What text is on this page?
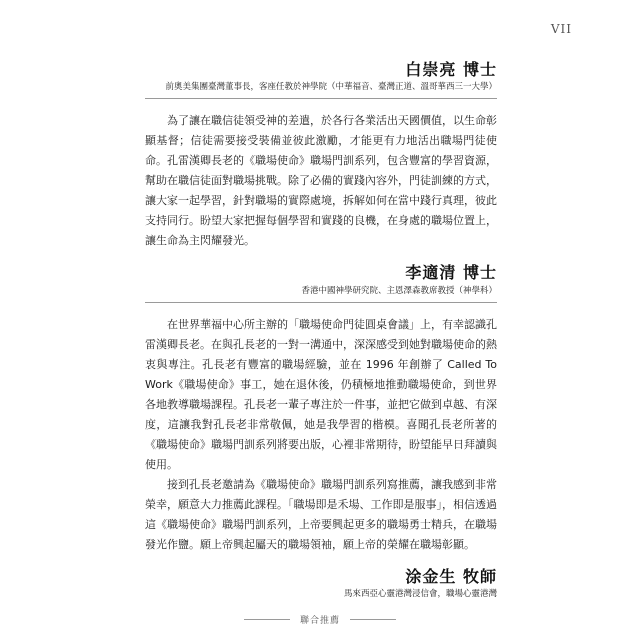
VII
白崇亮 博士
前奧美集團臺灣董事長，客座任教於神學院（中華福音、臺灣正道、溫哥華西三一大學）

為了讓在職信徒領受神的差遣，於各行各業活出天國價值，以生命彰顯基督；信徒需要接受裝備並彼此激勵，才能更有力地活出職場門徒使命。孔雷漢卿長老的《職場使命》職場門訓系列，包含豐富的學習資源，幫助在職信徒面對職場挑戰。除了必備的實踐內容外，門徒訓練的方式，讓大家一起學習，針對職場的實際處境，拆解如何在當中踐行真理，彼此支持同行。盼望大家把握每個學習和實踐的良機，在身處的職場位置上，讓生命為主閃耀發光。

李適清 博士
香港中國神學研究院、主恩澤森教席教授（神學科）

在世界華福中心所主辦的「職場使命門徒圓桌會議」上，有幸認識孔雷漢卿長老。在與孔長老的一對一溝通中，深深感受到她對職場使命的熱衷與專注。孔長老有豐富的職場經驗，並在 1996 年創辦了 Called To Work《職場使命》事工，她在退休後，仍積極地推動職場使命，到世界各地教導職場課程。孔長老一輩子專注於一件事，並把它做到卓越、有深度，這讓我對孔長老非常敬佩，她是我學習的楷模。喜聞孔長老所著的《職場使命》職場門訓系列將要出版，心裡非常期待，盼望能早日拜讀與使用。

接到孔長老邀請為《職場使命》職場門訓系列寫推薦，讓我感到非常榮幸，願意大力推薦此課程。「職場即是禾場、工作即是服事」，相信透過這《職場使命》職場門訓系列，上帝要興起更多的職場勇士精兵，在職場發光作鹽。願上帝興起屬天的職場領袖，願上帝的榮耀在職場彰顯。

涂金生 牧師
馬來西亞心靈港灣浸信會，職場心靈港灣
聯合推薦
